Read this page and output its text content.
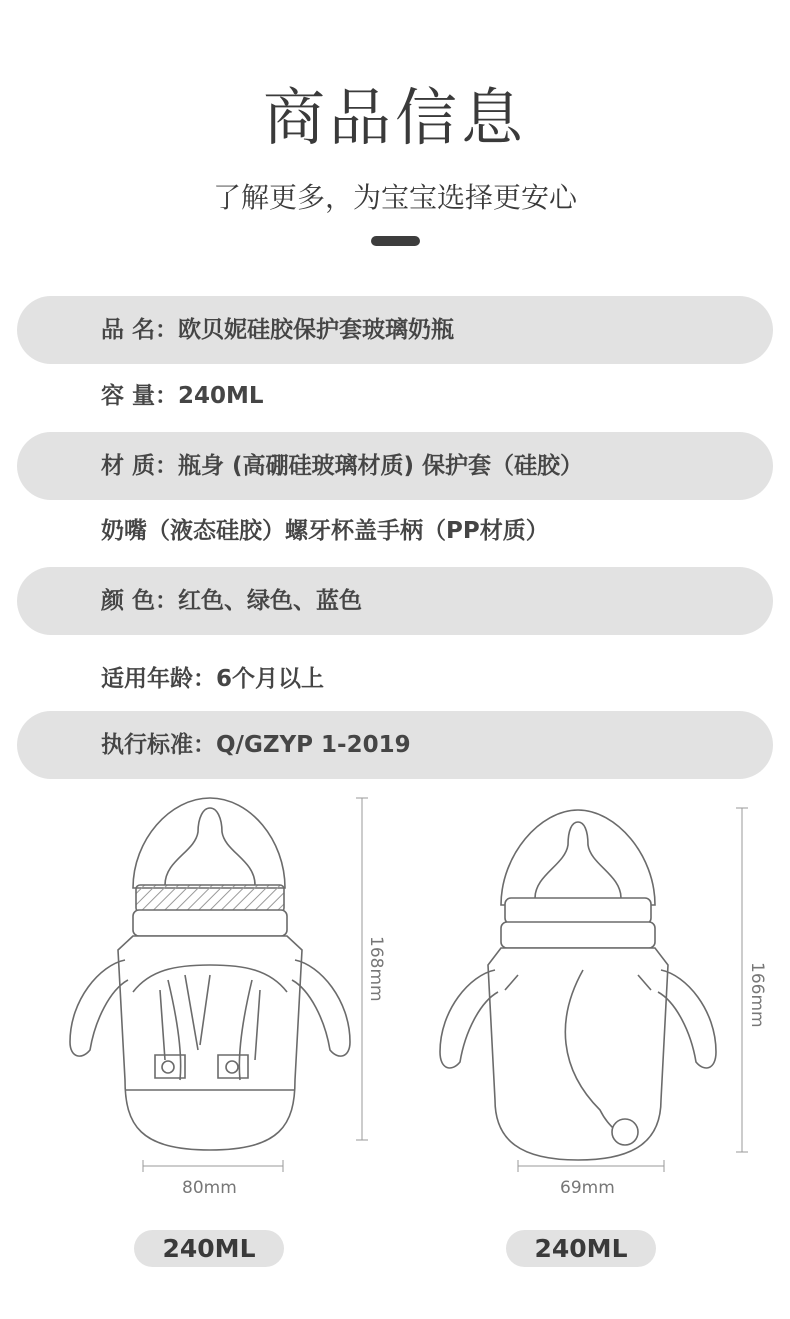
商品信息
了解更多，为宝宝选择更安心
品 名：欧贝妮硅胶保护套玻璃奶瓶
容 量：240ML
材 质：瓶身 (高硼硅玻璃材质) 保护套（硅胶）
奶嘴（液态硅胶）螺牙杯盖手柄（PP材质）
颜 色：红色、绿色、蓝色
适用年龄：6个月以上
执行标准：Q/GZYP 1-2019
168mm
80mm
240ML
166mm
69mm
240ML
